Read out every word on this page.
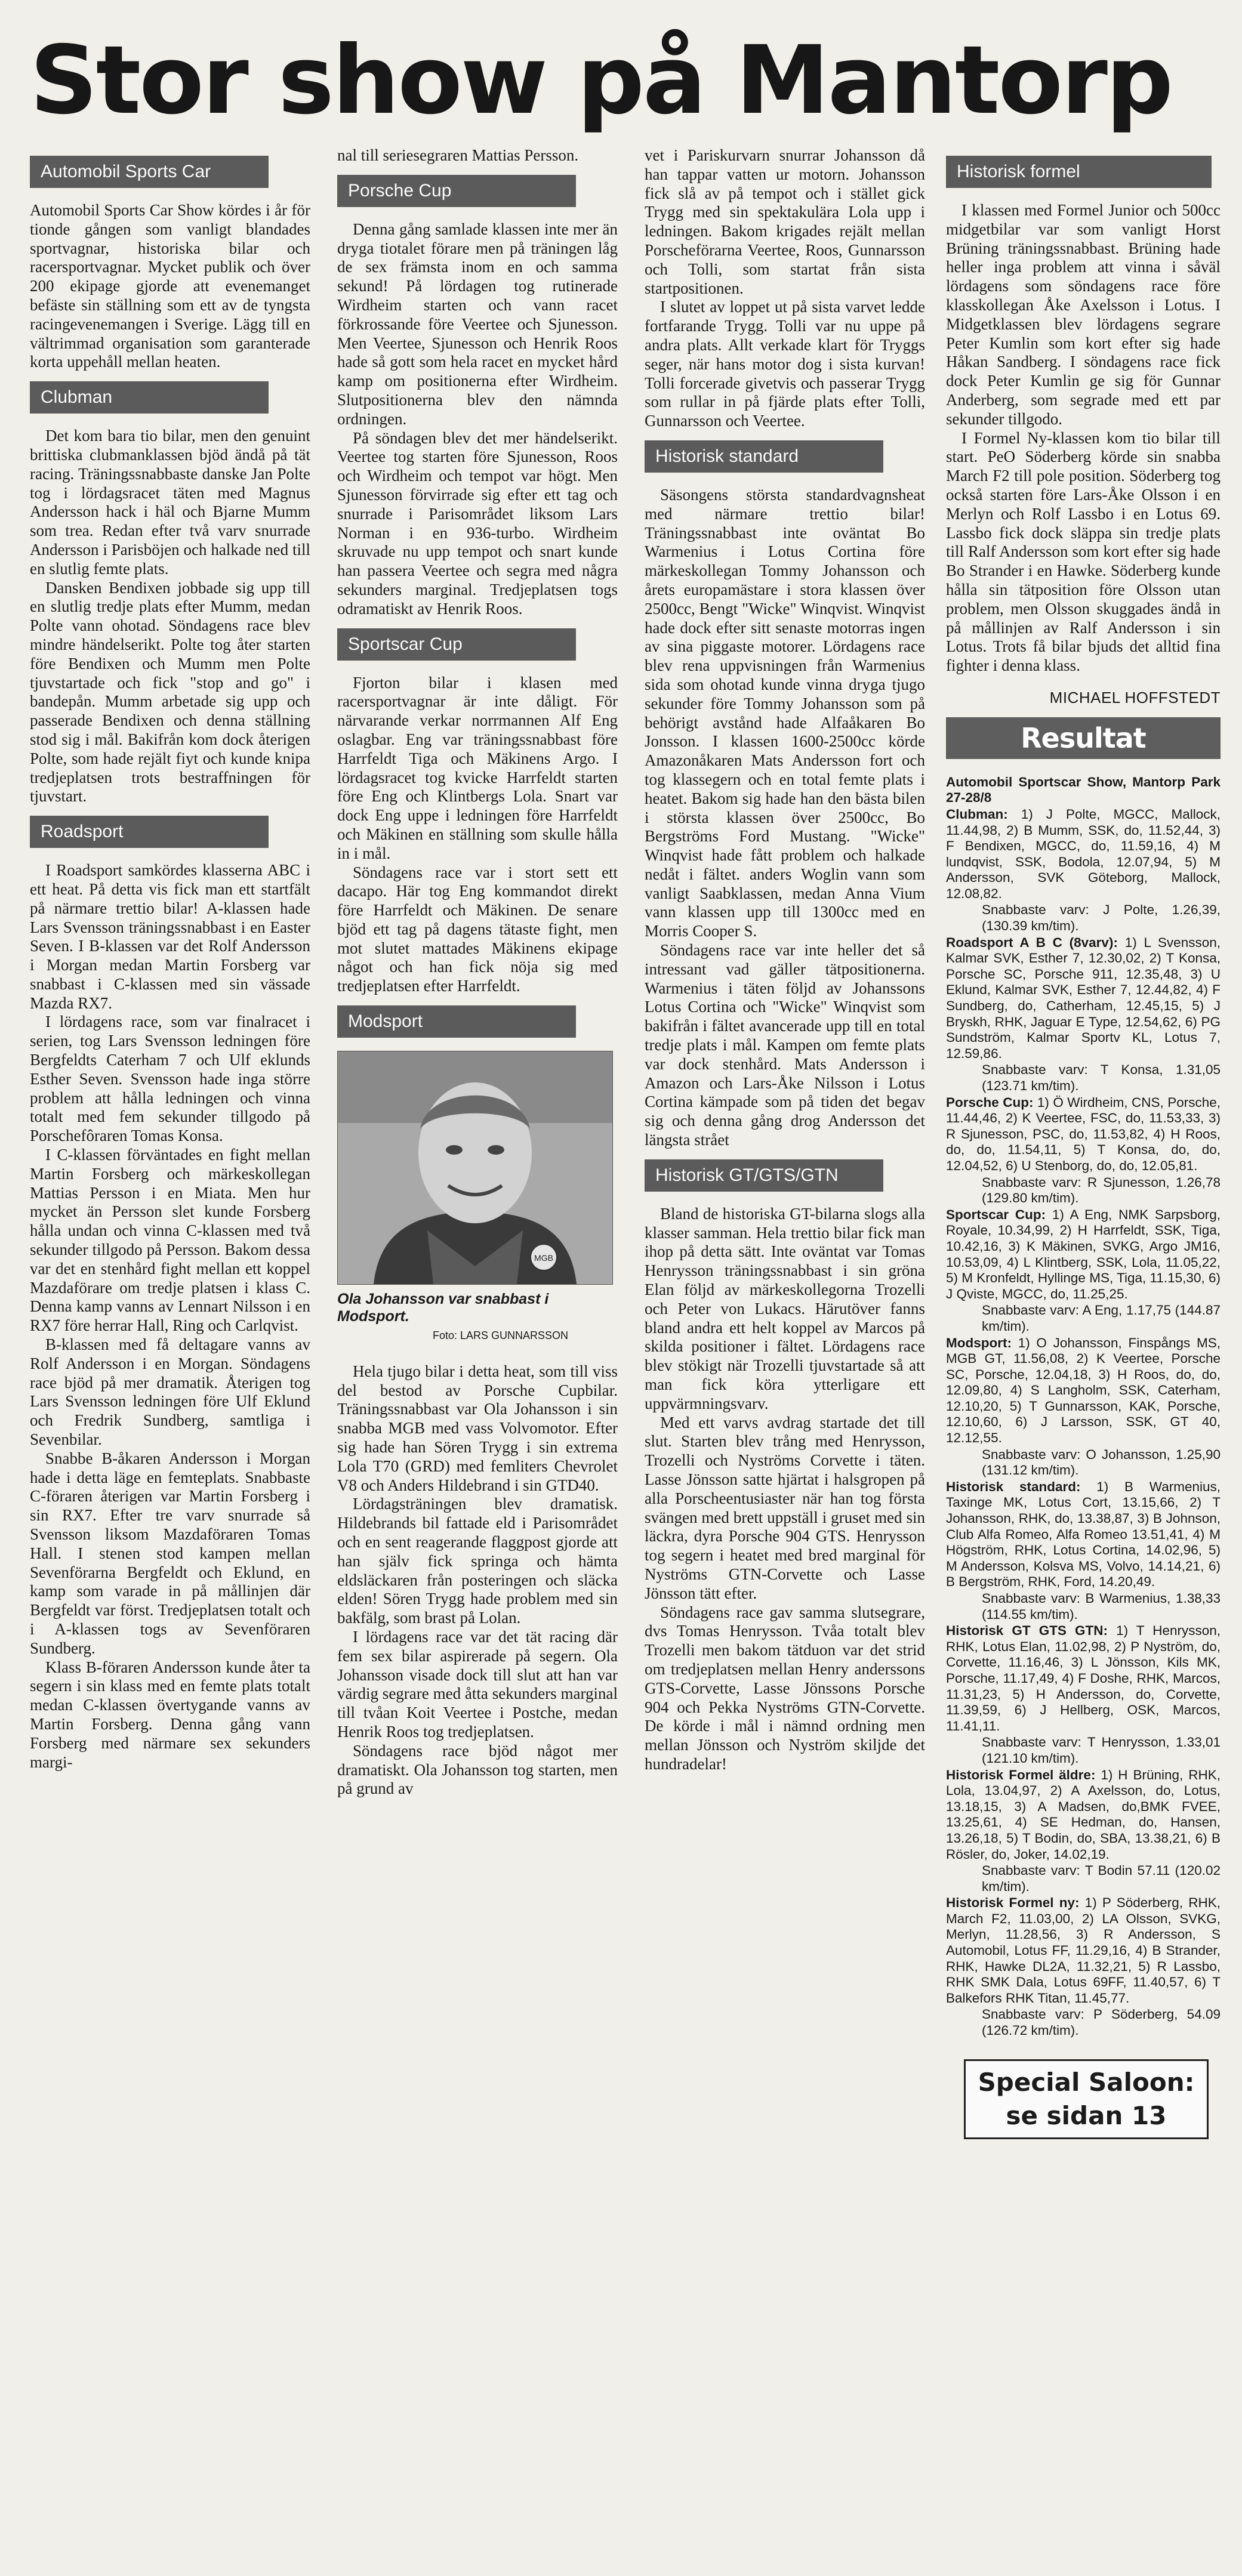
Stor show på Mantorp
Automobil Sports Car

Automobil Sports Car Show kördes i år för tionde gången som vanligt blandades sportvagnar, historiska bilar och racersportvagnar. Mycket publik och över 200 ekipage gjorde att evenemanget befäste sin ställning som ett av de tyngsta racingevenemangen i Sverige. Lägg till en vältrimmad organisation som garanterade korta uppehåll mellan heaten.

Clubman

Det kom bara tio bilar, men den genuint brittiska clubmanklassen bjöd ändå på tät racing. Träningssnabbaste danske Jan Polte tog i lördagsracet täten med Magnus Andersson hack i häl och Bjarne Mumm som trea. Redan efter två varv snurrade Andersson i Parisböjen och halkade ned till en slutlig femte plats.

Dansken Bendixen jobbade sig upp till en slutlig tredje plats efter Mumm, medan Polte vann ohotad. Söndagens race blev mindre händelserikt. Polte tog åter starten före Bendixen och Mumm men Polte tjuvstartade och fick "stop and go" i bandepån. Mumm arbetade sig upp och passerade Bendixen och denna ställning stod sig i mål. Bakifrån kom dock återigen Polte, som hade rejält fiyt och kunde knipa tredjeplatsen trots bestraffningen för tjuvstart.

Roadsport

I Roadsport samkördes klasserna ABC i ett heat. På detta vis fick man ett startfält på närmare trettio bilar! A-klassen hade Lars Svensson träningssnabbast i en Easter Seven. I B-klassen var det Rolf Andersson i Morgan medan Martin Forsberg var snabbast i C-klassen med sin vässade Mazda RX7.

I lördagens race, som var finalracet i serien, tog Lars Svensson ledningen före Bergfeldts Caterham 7 och Ulf eklunds Esther Seven. Svensson hade inga större problem att hålla ledningen och vinna totalt med fem sekunder tillgodo på Porschefôraren Tomas Konsa.

I C-klassen förväntades en fight mellan Martin Forsberg och märkeskollegan Mattias Persson i en Miata. Men hur mycket än Persson slet kunde Forsberg hålla undan och vinna C-klassen med två sekunder tillgodo på Persson. Bakom dessa var det en stenhård fight mellan ett koppel Mazdaförare om tredje platsen i klass C. Denna kamp vanns av Lennart Nilsson i en RX7 före herrar Hall, Ring och Carlqvist.

B-klassen med få deltagare vanns av Rolf Andersson i en Morgan. Söndagens race bjöd på mer dramatik. Återigen tog Lars Svensson ledningen före Ulf Eklund och Fredrik Sundberg, samtliga i Sevenbilar.

Snabbe B-åkaren Andersson i Morgan hade i detta läge en femteplats. Snabbaste C-föraren återigen var Martin Forsberg i sin RX7. Efter tre varv snurrade så Svensson liksom Mazdaföraren Tomas Hall. I stenen stod kampen mellan Sevenförarna Bergfeldt och Eklund, en kamp som varade in på mållinjen där Bergfeldt var först. Tredjeplatsen totalt och i A-klassen togs av Sevenföraren Sundberg.

Klass B-föraren Andersson kunde åter ta segern i sin klass med en femte plats totalt medan C-klassen övertygande vanns av Martin Forsberg. Denna gång vann Forsberg med närmare sex sekunders margi-

nal till seriesegraren Mattias Persson.

Porsche Cup

Denna gång samlade klassen inte mer än dryga tiotalet förare men på träningen låg de sex främsta inom en och samma sekund! På lördagen tog rutinerade Wirdheim starten och vann racet förkrossande före Veertee och Sjunesson. Men Veertee, Sjunesson och Henrik Roos hade så gott som hela racet en mycket hård kamp om positionerna efter Wirdheim. Slutpositionerna blev den nämnda ordningen.

På söndagen blev det mer händelserikt. Veertee tog starten före Sjunesson, Roos och Wirdheim och tempot var högt. Men Sjunesson förvirrade sig efter ett tag och snurrade i Parisområdet liksom Lars Norman i en 936-turbo. Wirdheim skruvade nu upp tempot och snart kunde han passera Veertee och segra med några sekunders marginal. Tredjeplatsen togs odramatiskt av Henrik Roos.

Sportscar Cup

Fjorton bilar i klasen med racersportvagnar är inte dåligt. För närvarande verkar norrmannen Alf Eng oslagbar. Eng var träningssnabbast före Harrfeldt Tiga och Mäkinens Argo. I lördagsracet tog kvicke Harrfeldt starten före Eng och Klintbergs Lola. Snart var dock Eng uppe i ledningen före Harrfeldt och Mäkinen en ställning som skulle hålla in i mål.

Söndagens race var i stort sett ett dacapo. Här tog Eng kommandot direkt före Harrfeldt och Mäkinen. De senare bjöd ett tag på dagens tätaste fight, men mot slutet mattades Mäkinens ekipage något och han fick nöja sig med tredjeplatsen efter Harrfeldt.

Modsport
MGB

Ola Johansson var snabbast i Modsport.

Foto: LARS GUNNARSSON

Hela tjugo bilar i detta heat, som till viss del bestod av Porsche Cupbilar. Träningssnabbast var Ola Johansson i sin snabba MGB med vass Volvomotor. Efter sig hade han Sören Trygg i sin extrema Lola T70 (GRD) med femliters Chevrolet V8 och Anders Hildebrand i sin GTD40.

Lördagsträningen blev dramatisk. Hildebrands bil fattade eld i Parisområdet och en sent reagerande flaggpost gjorde att han själv fick springa och hämta eldsläckaren från posteringen och släcka elden! Sören Trygg hade problem med sin bakfälg, som brast på Lolan.

I lördagens race var det tät racing där fem sex bilar aspirerade på segern. Ola Johansson visade dock till slut att han var värdig segrare med åtta sekunders marginal till tvåan Koit Veertee i Postche, medan Henrik Roos tog tredjeplatsen.

Söndagens race bjöd något mer dramatiskt. Ola Johansson tog starten, men på grund av

vet i Pariskurvarn snurrar Johansson då han tappar vatten ur motorn. Johansson fick slå av på tempot och i stället gick Trygg med sin spektakulära Lola upp i ledningen. Bakom krigades rejält mellan Porscheförarna Veertee, Roos, Gunnarsson och Tolli, som startat från sista startpositionen.

I slutet av loppet ut på sista varvet ledde fortfarande Trygg. Tolli var nu uppe på andra plats. Allt verkade klart för Tryggs seger, när hans motor dog i sista kurvan! Tolli forcerade givetvis och passerar Trygg som rullar in på fjärde plats efter Tolli, Gunnarsson och Veertee.

Historisk standard

Säsongens största standardvagnsheat med närmare trettio bilar! Träningssnabbast inte oväntat Bo Warmenius i Lotus Cortina före märkeskollegan Tommy Johansson och årets europamästare i stora klassen över 2500cc, Bengt "Wicke" Winqvist. Winqvist hade dock efter sitt senaste motorras ingen av sina piggaste motorer. Lördagens race blev rena uppvisningen från Warmenius sida som ohotad kunde vinna dryga tjugo sekunder före Tommy Johansson som på behörigt avstånd hade Alfaåkaren Bo Jonsson. I klassen 1600-2500cc körde Amazonåkaren Mats Andersson fort och tog klassegern och en total femte plats i heatet. Bakom sig hade han den bästa bilen i största klassen över 2500cc, Bo Bergströms Ford Mustang. "Wicke" Winqvist hade fått problem och halkade nedåt i fältet. anders Woglin vann som vanligt Saabklassen, medan Anna Vium vann klassen upp till 1300cc med en Morris Cooper S.

Söndagens race var inte heller det så intressant vad gäller tätpositionerna. Warmenius i täten följd av Johanssons Lotus Cortina och "Wicke" Winqvist som bakifrån i fältet avancerade upp till en total tredje plats i mål. Kampen om femte plats var dock stenhård. Mats Andersson i Amazon och Lars-Åke Nilsson i Lotus Cortina kämpade som på tiden det begav sig och denna gång drog Andersson det längsta strået

Historisk GT/GTS/GTN

Bland de historiska GT-bilarna slogs alla klasser samman. Hela trettio bilar fick man ihop på detta sätt. Inte oväntat var Tomas Henrysson träningssnabbast i sin gröna Elan följd av märkeskollegorna Trozelli och Peter von Lukacs. Härutöver fanns bland andra ett helt koppel av Marcos på skilda positioner i fältet. Lördagens race blev stökigt när Trozelli tjuvstartade så att man fick köra ytterligare ett uppvärmningsvarv.

Med ett varvs avdrag startade det till slut. Starten blev trång med Henrysson, Trozelli och Nyströms Corvette i täten. Lasse Jönsson satte hjärtat i halsgropen på alla Porscheentusiaster när han tog första svängen med brett uppställ i gruset med sin läckra, dyra Porsche 904 GTS. Henrysson tog segern i heatet med bred marginal för Nyströms GTN-Corvette och Lasse Jönsson tätt efter.

Söndagens race gav samma slutsegrare, dvs Tomas Henrysson. Tvåa totalt blev Trozelli men bakom tätduon var det strid om tredjeplatsen mellan Henry anderssons GTS-Corvette, Lasse Jönssons Porsche 904 och Pekka Nyströms GTN-Corvette. De körde i mål i nämnd ordning men mellan Jönsson och Nyström skiljde det hundradelar!

Historisk formel

I klassen med Formel Junior och 500cc midgetbilar var som vanligt Horst Brüning träningssnabbast. Brüning hade heller inga problem att vinna i såväl lördagens som söndagens race före klasskollegan Åke Axelsson i Lotus. I Midgetklassen blev lördagens segrare Peter Kumlin som kort efter sig hade Håkan Sandberg. I söndagens race fick dock Peter Kumlin ge sig för Gunnar Anderberg, som segrade med ett par sekunder tillgodo.

I Formel Ny-klassen kom tio bilar till start. PeO Söderberg körde sin snabba March F2 till pole position. Söderberg tog också starten före Lars-Åke Olsson i en Merlyn och Rolf Lassbo i en Lotus 69. Lassbo fick dock släppa sin tredje plats till Ralf Andersson som kort efter sig hade Bo Strander i en Hawke. Söderberg kunde hålla sin tätposition före Olsson utan problem, men Olsson skuggades ändå in på mållinjen av Ralf Andersson i sin Lotus. Trots få bilar bjuds det alltid fina fighter i denna klass.

MICHAEL HOFFSTEDT
Resultat

Automobil Sportscar Show, Mantorp Park 27-28/8

Clubman: 1) J Polte, MGCC, Mallock, 11.44,98, 2) B Mumm, SSK, do, 11.52,44, 3) F Bendixen, MGCC, do, 11.59,16, 4) M lundqvist, SSK, Bodola, 12.07,94, 5) M Andersson, SVK Göteborg, Mallock, 12.08,82.

Snabbaste varv: J Polte, 1.26,39, (130.39 km/tim).

Roadsport A B C (8varv): 1) L Svensson, Kalmar SVK, Esther 7, 12.30,02, 2) T Konsa, Porsche SC, Porsche 911, 12.35,48, 3) U Eklund, Kalmar SVK, Esther 7, 12.44,82, 4) F Sundberg, do, Catherham, 12.45,15, 5) J Bryskh, RHK, Jaguar E Type, 12.54,62, 6) PG Sundström, Kalmar Sportv KL, Lotus 7, 12.59,86.

Snabbaste varv: T Konsa, 1.31,05 (123.71 km/tim).

Porsche Cup: 1) Ö Wirdheim, CNS, Porsche, 11.44,46, 2) K Veertee, FSC, do, 11.53,33, 3) R Sjunesson, PSC, do, 11.53,82, 4) H Roos, do, do, 11.54,11, 5) T Konsa, do, do, 12.04,52, 6) U Stenborg, do, do, 12.05,81.

Snabbaste varv: R Sjunesson, 1.26,78 (129.80 km/tim).

Sportscar Cup: 1) A Eng, NMK Sarpsborg, Royale, 10.34,99, 2) H Harrfeldt, SSK, Tiga, 10.42,16, 3) K Mäkinen, SVKG, Argo JM16, 10.53,09, 4) L Klintberg, SSK, Lola, 11.05,22, 5) M Kronfeldt, Hyllinge MS, Tiga, 11.15,30, 6) J Qviste, MGCC, do, 11.25,25.

Snabbaste varv: A Eng, 1.17,75 (144.87 km/tim).

Modsport: 1) O Johansson, Finspångs MS, MGB GT, 11.56,08, 2) K Veertee, Porsche SC, Porsche, 12.04,18, 3) H Roos, do, do, 12.09,80, 4) S Langholm, SSK, Caterham, 12.10,20, 5) T Gunnarsson, KAK, Porsche, 12.10,60, 6) J Larsson, SSK, GT 40, 12.12,55.

Snabbaste varv: O Johansson, 1.25,90 (131.12 km/tim).

Historisk standard: 1) B Warmenius, Taxinge MK, Lotus Cort, 13.15,66, 2) T Johansson, RHK, do, 13.38,87, 3) B Johnson, Club Alfa Romeo, Alfa Romeo 13.51,41, 4) M Högström, RHK, Lotus Cortina, 14.02,96, 5) M Andersson, Kolsva MS, Volvo, 14.14,21, 6) B Bergström, RHK, Ford, 14.20,49.

Snabbaste varv: B Warmenius, 1.38,33 (114.55 km/tim).

Historisk GT GTS GTN: 1) T Henrysson, RHK, Lotus Elan, 11.02,98, 2) P Nyström, do, Corvette, 11.16,46, 3) L Jönsson, Kils MK, Porsche, 11.17,49, 4) F Doshe, RHK, Marcos, 11.31,23, 5) H Andersson, do, Corvette, 11.39,59, 6) J Hellberg, OSK, Marcos, 11.41,11.

Snabbaste varv: T Henrysson, 1.33,01 (121.10 km/tim).

Historisk Formel äldre: 1) H Brüning, RHK, Lola, 13.04,97, 2) A Axelsson, do, Lotus, 13.18,15, 3) A Madsen, do,BMK FVEE, 13.25,61, 4) SE Hedman, do, Hansen, 13.26,18, 5) T Bodin, do, SBA, 13.38,21, 6) B Rösler, do, Joker, 14.02,19.

Snabbaste varv: T Bodin 57.11 (120.02 km/tim).

Historisk Formel ny: 1) P Söderberg, RHK, March F2, 11.03,00, 2) LA Olsson, SVKG, Merlyn, 11.28,56, 3) R Andersson, S Automobil, Lotus FF, 11.29,16, 4) B Strander, RHK, Hawke DL2A, 11.32,21, 5) R Lassbo, RHK SMK Dala, Lotus 69FF, 11.40,57, 6) T Balkefors RHK Titan, 11.45,77.

Snabbaste varv: P Söderberg, 54.09 (126.72 km/tim).

Special Saloon:
se sidan 13
